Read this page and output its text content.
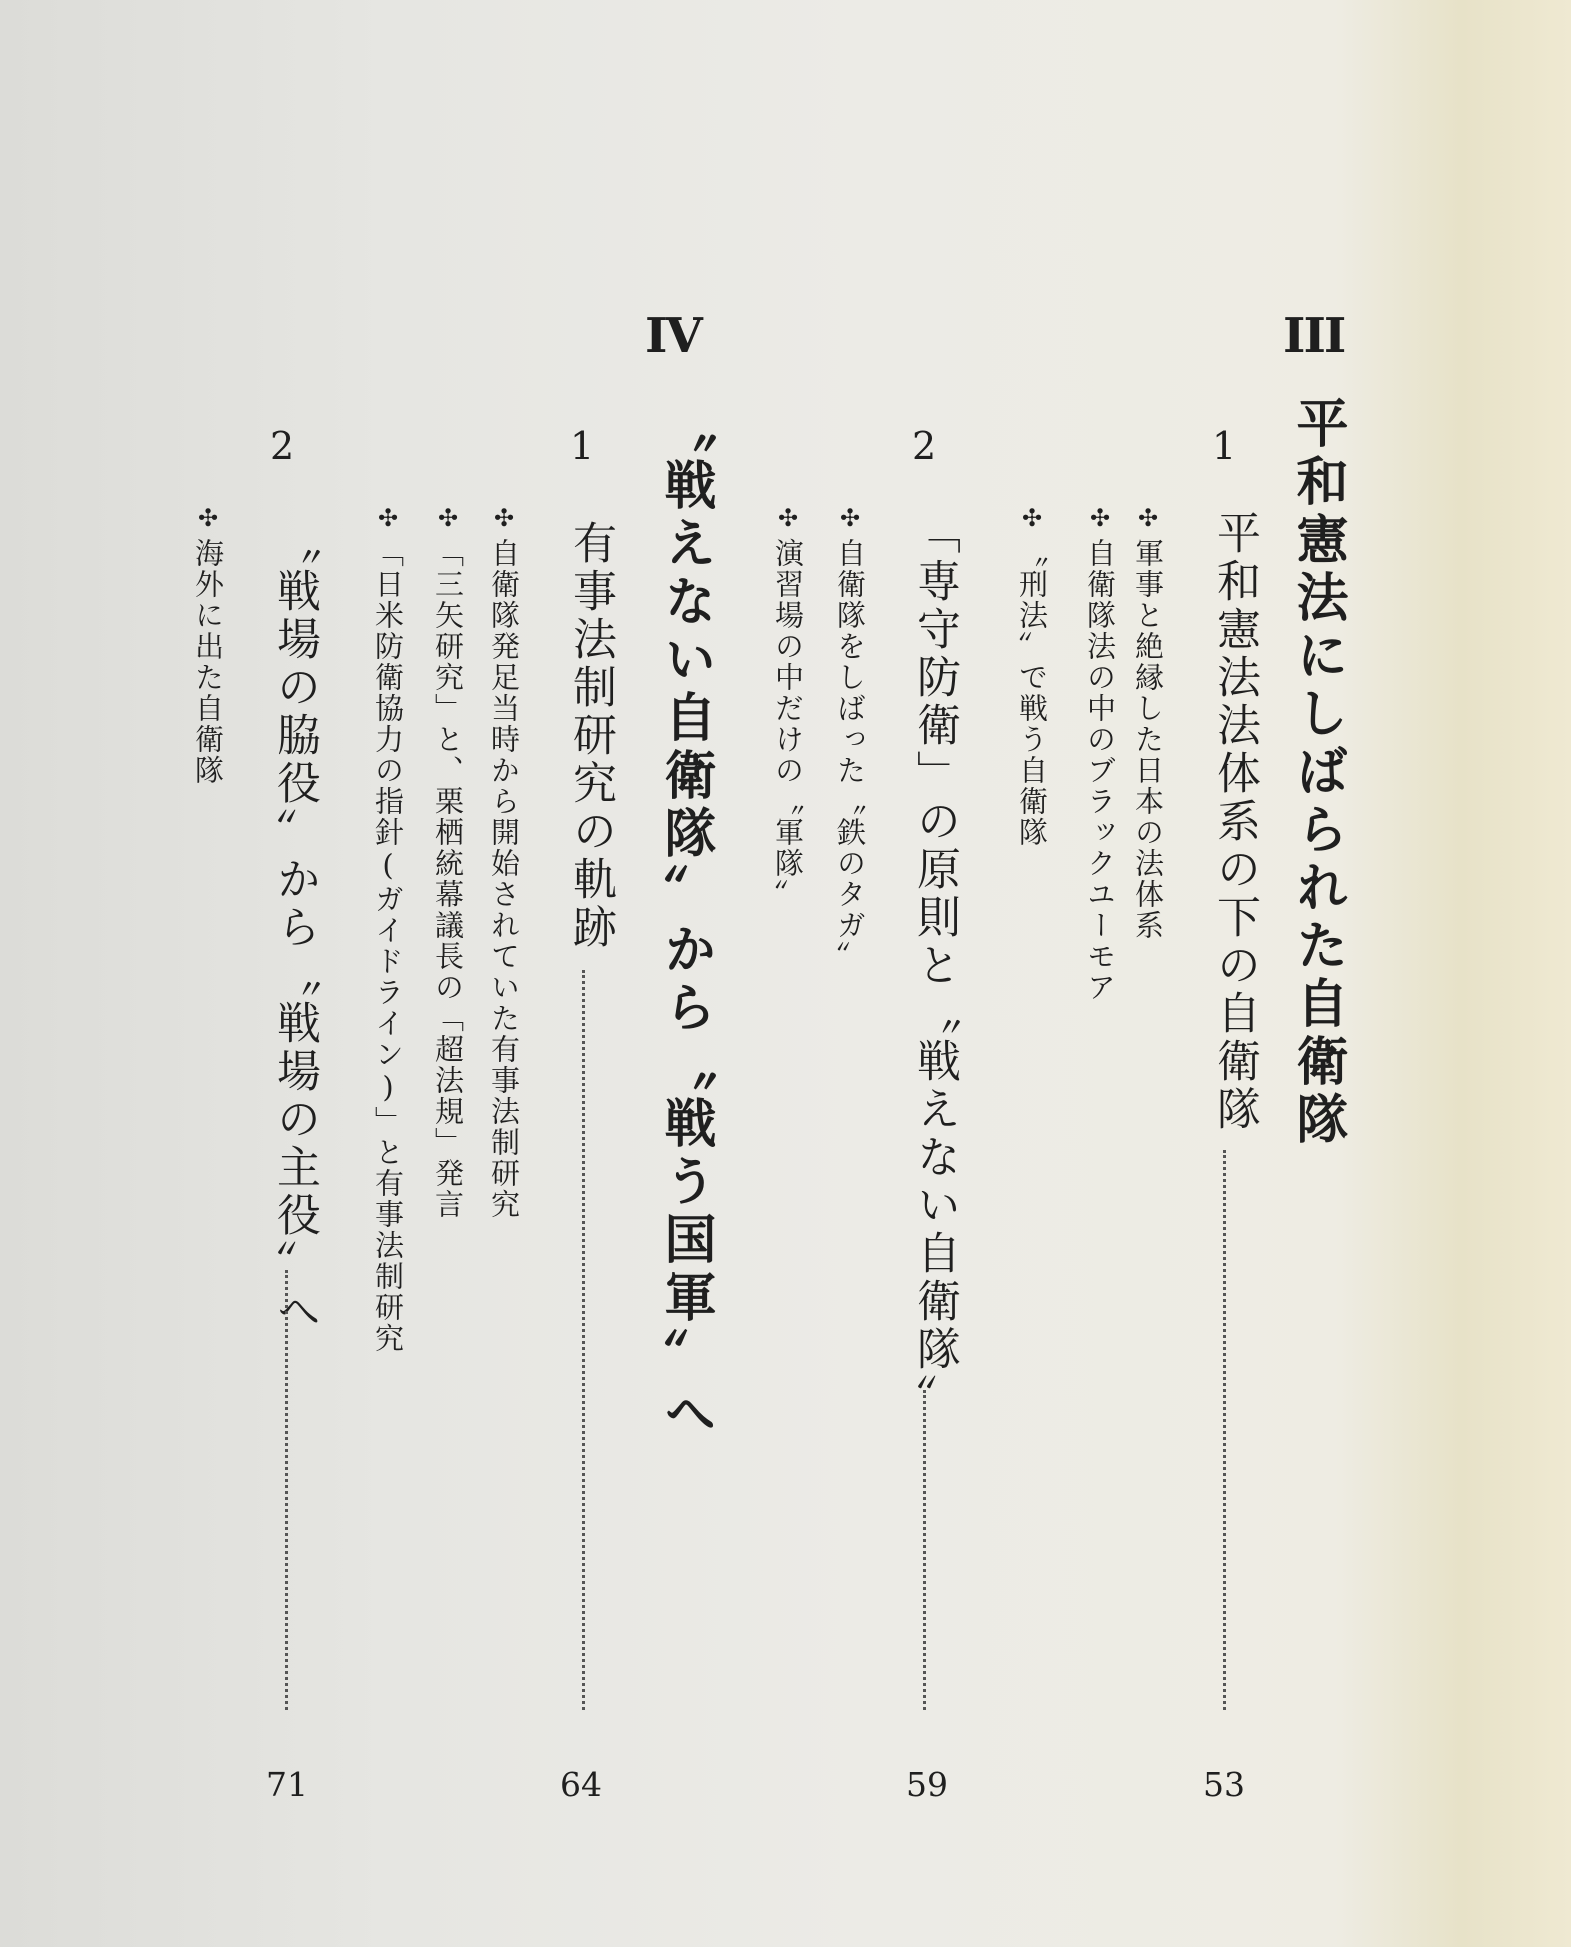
III
平和憲法にしばられた自衛隊
1
平和憲法法体系の下の自衛隊
53
✣軍事と絶縁した日本の法体系
✣自衛隊法の中のブラックユーモア
✣〝刑法〟で戦う自衛隊
2
「専守防衛」の原則と〝戦えない自衛隊〟
59
✣自衛隊をしばった〝鉄のタガ〟
✣演習場の中だけの〝軍隊〟
IV
〝戦えない自衛隊〟から〝戦う国軍〟へ
1
有事法制研究の軌跡
64
✣自衛隊発足当時から開始されていた有事法制研究
✣「三矢研究」と、栗栖統幕議長の「超法規」発言
✣「日米防衛協力の指針(ガイドライン)」と有事法制研究
2
〝戦場の脇役〟から〝戦場の主役〟へ
71
✣海外に出た自衛隊
